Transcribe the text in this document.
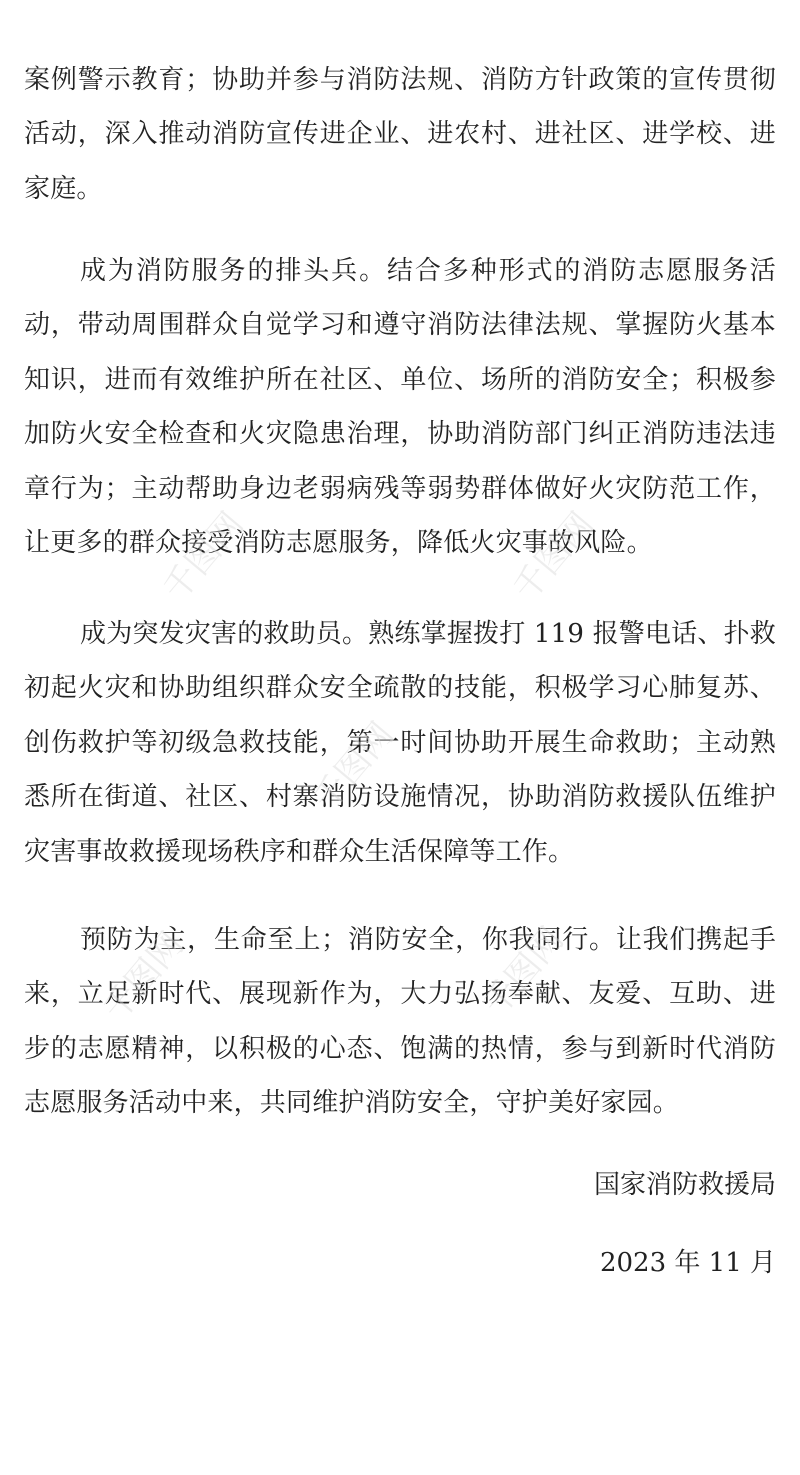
案例警示教育；协助并参与消防法规、消防方针政策的宣传贯彻活动，深入推动消防宣传进企业、进农村、进社区、进学校、进家庭。

成为消防服务的排头兵。结合多种形式的消防志愿服务活动，带动周围群众自觉学习和遵守消防法律法规、掌握防火基本知识，进而有效维护所在社区、单位、场所的消防安全；积极参加防火安全检查和火灾隐患治理，协助消防部门纠正消防违法违章行为；主动帮助身边老弱病残等弱势群体做好火灾防范工作，让更多的群众接受消防志愿服务，降低火灾事故风险。

成为突发灾害的救助员。熟练掌握拨打 119 报警电话、扑救初起火灾和协助组织群众安全疏散的技能，积极学习心肺复苏、创伤救护等初级急救技能，第一时间协助开展生命救助；主动熟悉所在街道、社区、村寨消防设施情况，协助消防救援队伍维护灾害事故救援现场秩序和群众生活保障等工作。

预防为主，生命至上；消防安全，你我同行。让我们携起手来，立足新时代、展现新作为，大力弘扬奉献、友爱、互助、进步的志愿精神，以积极的心态、饱满的热情，参与到新时代消防志愿服务活动中来，共同维护消防安全，守护美好家园。

国家消防救援局

2023 年 11 月

千图网	千图网
千图网
千图网	千图网
